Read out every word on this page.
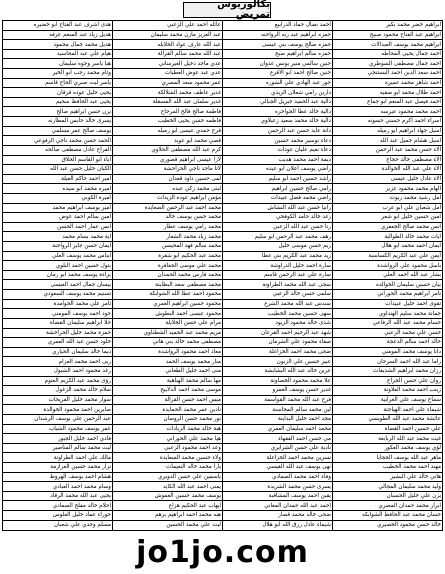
بكالوريوس تمريض
ابراهيم خضر محمد بكير	احمد نضال حماد الدرابيع	عائله احمد علي الزعبي	هدى اشرف عبد الفتاح ابو خضيره
ابراهيم عبد الفتاح محمود صبيح	حمزه ابراهيم عبد ربه الرواحنه	عبد العزيز مازن محمد سليمان	هديل زياد عبد المنعم عرفه
ابراهيم محمد يوسف العبدالات	حمزه صالح يوسف بني عيسى	عبد الله عارف عواد الخلايله	هديل محمد جمال محمود
احمد جمال يحيى المحاطه	حمزه سالم ابراهيم صبح	عبد الله محمد سالم القرالة	هيام علي عبد المحاسيد
احمد جمال مصطفى السوطري	حنين سالمي منير يونس عدوان	عدي ماجد دخيل العيرساني	هيا ياسر وجوه سليمان
احمد سعد الدين احمد البستنجي	حنين صالح احمد ابو الاقرع	عدي عبد عوض العطيات	وئام محمد رجب ابو الخير
احمد شاهر محمد عميره	حور عبد الهادي علي الشوره	عمر محمود سعد المصري	ياسر ليث صبري الحاج قاسم
احمد طلال محمد ابو صقيه	دارين رامي شعلان الزيدي	غدير عاطف محمد الشلالكة	يحيى خليل عوده قرقان
احمد فيصل عبد المنعم ابو جماع	دالية عبد الحميد جبريل الجبالي	غدير سلمان عبد الله المسقلة	يحيى عبد الحافظ سحيم
احمد محمد محمود عيرسه	دالية خالد عطا الجواحره	فاطمة صالح فالح المرحاح	يزن حسن ابراهيم صالح
اسراء احمد اكرم حسني حسونه	دالية خالد محمد سعيد زعيلاوي	فاطمه حسن يحيى الخطيب	يسرى خالد حابس المطارنه
اسيل جهاد ابراهيم ابو رميله	دانة عايد حسن عبد الرحمن	فرح حمدي عيسى ابو رميله	يوسف صالح عمر مسلمي
اسيل هشام جميل عبد الله	دعاء توسير محمد حسين	قصي محمد ابو عويد	الحمد حسن محمد ناجي الرفوعي
الاء حسن محمد عبد الرحمن	دعاء نعيم عليان عودات	كرم عبد الله مصطفى الحلاوي	الفراح عادل مصطفى صالحه
الاء مصطفى خالد حجاج	ديمة احمد محمد هديب	لارا عيسى ابراهيم قصوري	اباء ابو القاسم الحلاق
الاء علي عبد الله الخوالدة	راضي يوسف اعلان ابو عيده	لانا ماجد ناجي الحراحشة	الكيان خليل حسن عبد الله
الاء عادل خليل عيسى	راشد حسين احمد ابو سليم	لمى حسين داود قعدان	امير احمد حاكم العيلة
الهام محمد محمود عزيز	رامي صالح حسين ابراهيم	لبنى محمد زكي عبده	اميره محمد ابو سيده
امل رشيد محمد ربوت	راضي محمد فضل عبيدات	مؤمن ابراهيم عوده الزيدات	اميرة الكوبي
امل شعبان علي ابو عرب	رانيا حسن عبد الله النشاش	محمد احمد عبد الرحمن الصعايدة	امير يوسف ابراهيم محمد
امين حسين خليل ابو شعر	رغد خالد حامد الكوفحي	محمد حسن يوسف خالد	امين سالم احمد عوض
انس محمد صالح الجعفري	رنا حسن عبد الله الزعبي	محمد رامي يوسف عطار	انس عمار احمد الحسن
ايات محمد خالد الطوالبة	رهف محمد عبد الرحمن ابو سليم	محمد زياد محمد الشعار	اية محمد بسام محمد
ايمان احمد محمد ابو هلال	ريم حسن موسى خليل	محمد سالم فهد المحيسن	ايمان حسن جابر الرواحنة
ايمن علي عبد الكريم الكساسبة	زيد محمد عبد الكريم بني عطا	محمد عبد الحكيم ابو شقرة	ايناس محمد يوسف العلي
باسل محمود علي الرواشدة	سارة احمد خليل الدراوشة	محمد علي موسى الجعافرة	بتول حسين احمد البلوي
بشار عبد الله احمد العلي	سارة علي عبد الرحمن قاسم	محمد فارس محمد الحمدان	براءة يوسف محمد ابو رمان
بيان حسين سليمان الخوالده	سجى عبد الله محمد الطراونة	محمد مصطفى سعد البطاينة	بيسان جمال احمد العيسى
تامر ابراهيم محمد الحوراني	سلمى حسن خالد الزعبي	محمود احمد عطا الله الشوابكة	تسنيم محمد يوسف السعودي
تقوى احمد خليل عبيدات	سندس عبد الله محمد الشرع	محمود حسين ابراهيم العمري	ثامر علي محمد الحوامدة
جمانة محمد سليم الهنداوي	سهى حسين محمد الخطيب	محمود عيسى احمد البطوش	جود احمد يوسف المومني
حسام محمد عبد الله الرفاعي	شذى خالد محمود الزيود	مرام علي حسن الخلايلة	حلا ابراهيم سليمان القضاة
حسن علي محمد الزعبي	شهد عبد الرحيم احمد القرعان	مريم محمد عبد الحميد الشطناوي	حمزة محمد خليل الحراحشة
خالد احمد سالم الدعجة	صفاء محمود علي الشرمان	مصطفى محمد خالد بني هاني	خلود حسن عبد الله العمري
دانا يوسف محمد المومني	ضحى محمد احمد الخزاعلة	معاذ احمد محمود الرواشدة	ديما خالد سليمان الحياري
راما عبد الله احمد السرحان	عبير حسين علي الزبون	منار محمد يوسف الحمد	ربى احمد محمد العزام
رزان محمد ابراهيم الشديفات	عرين خالد عبد الله البشابشة	منى احمد خليل الطعاني	رغد محمود احمد الشبول
روان علي حسن الجراح	علا محمد محمود الخصاونة	مها سالم محمد الهباهبة	رؤى محمد عبد الكريم العتوم
زينب احمد محمد العلاونة	غدير حسن يوسف العمرو	موسى محمد احمد الدلابيح	سلام خالد محمد الزغول
سماح يوسف علي الغرايبة	فرح عبد الله محمد القواسمة	ميس احمد حسن القرالة	سوار محمد خليل الفريحات
شيماء علي احمد الهياجنة	لين محمد سالم المحاسنة	نادين عمر محمد الحمايدة	صابرين احمد محمود الخوالدة
عائشة محمد عبد الله الطويسي	مجد احمد خليل البداينة	نور محمد حسن الروسان	عبد الرحمن علي يوسف الرشدان
علي حسين احمد القضاة	محمد احمد سليمان العمري	هبة خالد محمد الزيادات	عمر يوسف محمود الشياب
غيث محمد عبد الله الربابعة	مي حسن احمد الفقهاء	هيا محمد علي الحوراني	فادي احمد خليل الجبور
لؤي يوسف محمد العكور	نادية علي حسن الشرايري	وعد احمد محمود الزعبي	ليث محمد سالم المناصير
ماهر عبد الله يوسف الحجايا	نسرين محمد احمد الخزاعلة	ولاء حسين محمد السعايدة	مالك علي احمد الطراونة
مهند احمد محمد الخطيب	نهى يوسف عبد الله القيسي	يارا محمد خالد النعيمات	نزار محمد حسين العزازمة
هاني خالد علي البشير	وفاء احمد محمد الصمادي	ياسمين علي حسن الدويري	هشام احمد يوسف الهروط
وليد محمد سليمان المجالي	يسرى حسن محمد الشريدة	يمنى احمد عبد الله الكايد	وسام محمد احمد العبادي
يزن علي خليل الحسبان	يقين احمد يوسف المشاقبة	يوسف محمد حسين العموش	يحيى عبد الله محمد الرقاد
ابرار محمد حمدان المصري	احمد عبد الله حمدان المعاني	ايهاب عبد الحكيم هزاع	احلام خالد مفلح الصمادي
حسان محمد عبد الحافظ الشوابكه	ضحى خالد محمد قصار	هبه محمد احمد ابراهيم برهم	حوراء عماد خليل العلوس
خالد حسن محمود الخصيري	شيماء عادل رزق الله ابو هلال	ليث علي محمد الحسين	مسلم وجدي علي شعبان
jo1jo.com
